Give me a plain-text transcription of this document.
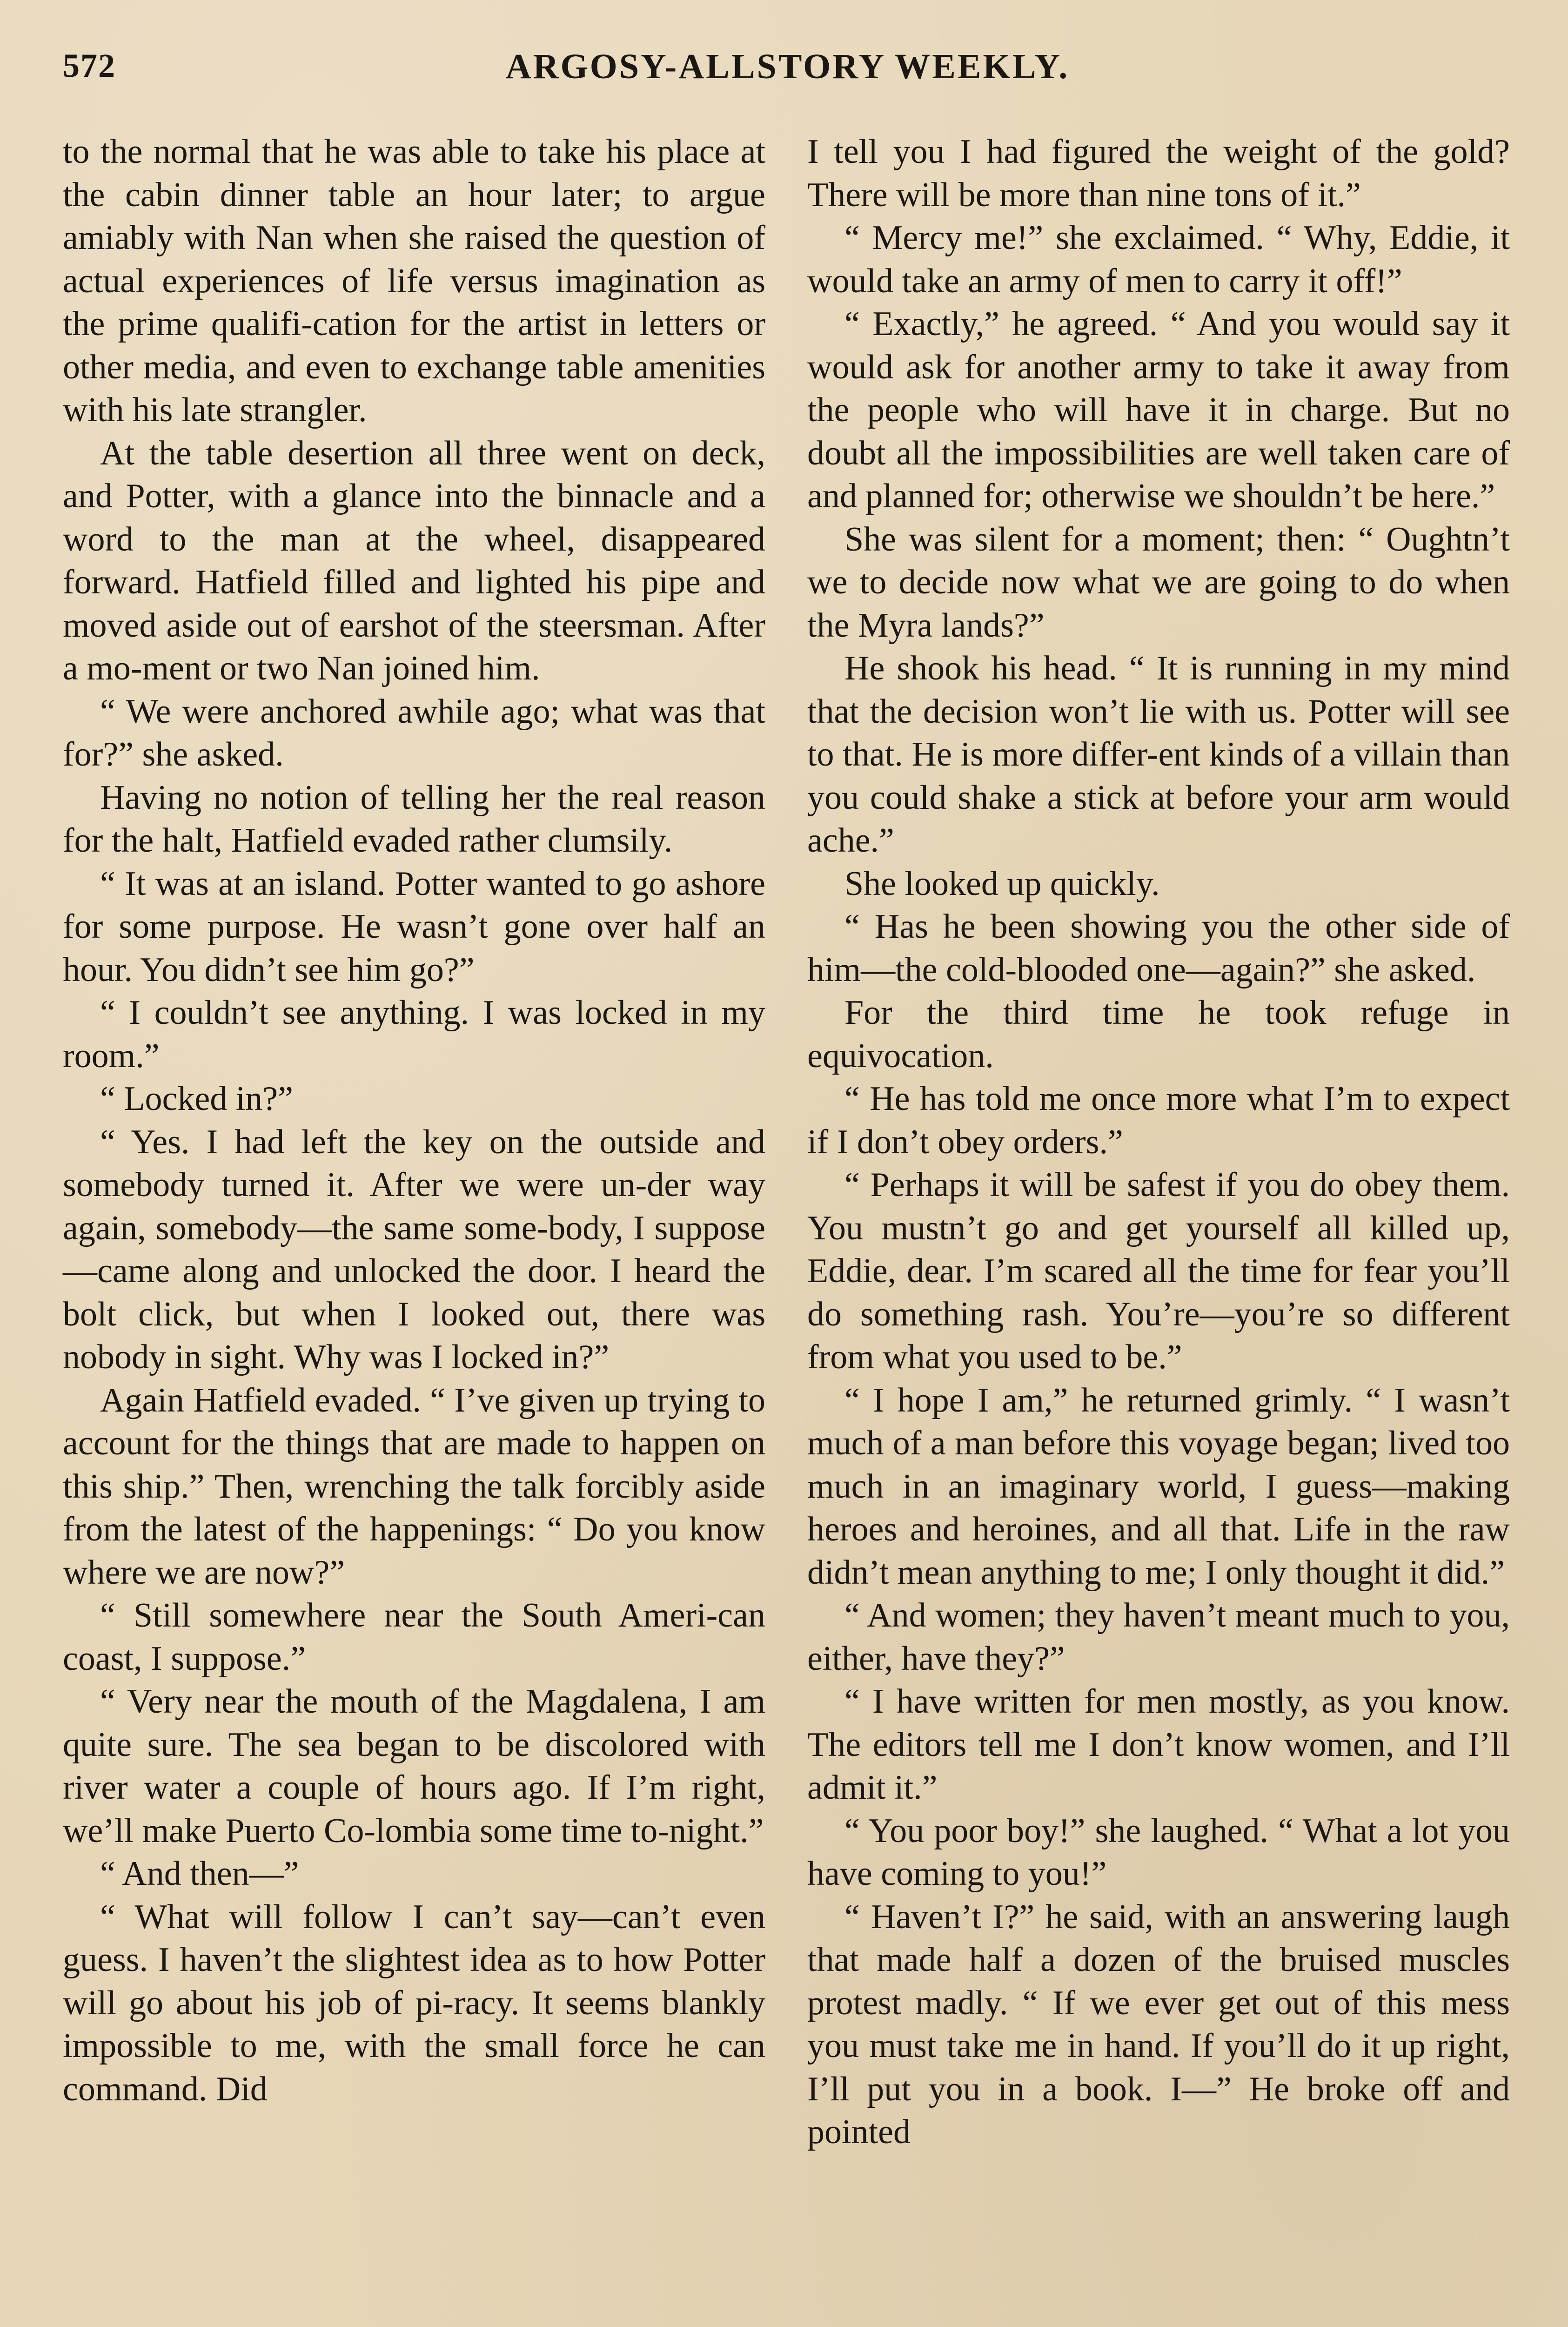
572	ARGOSY-ALLSTORY WEEKLY.

to the normal that he was able to take his place at the cabin dinner table an hour later; to argue amiably with Nan when she raised the question of actual experiences of life versus imagination as the prime qualifi-cation for the artist in letters or other media, and even to exchange table amenities with his late strangler.

At the table desertion all three went on deck, and Potter, with a glance into the binnacle and a word to the man at the wheel, disappeared forward. Hatfield filled and lighted his pipe and moved aside out of earshot of the steersman. After a mo-ment or two Nan joined him.

“ We were anchored awhile ago; what was that for?” she asked.

Having no notion of telling her the real reason for the halt, Hatfield evaded rather clumsily.

“ It was at an island. Potter wanted to go ashore for some purpose. He wasn’t gone over half an hour. You didn’t see him go?”

“ I couldn’t see anything. I was locked in my room.”

“ Locked in?”

“ Yes. I had left the key on the outside and somebody turned it. After we were un-der way again, somebody—the same some-body, I suppose—came along and unlocked the door. I heard the bolt click, but when I looked out, there was nobody in sight. Why was I locked in?”

Again Hatfield evaded. “ I’ve given up trying to account for the things that are made to happen on this ship.” Then, wrenching the talk forcibly aside from the latest of the happenings: “ Do you know where we are now?”

“ Still somewhere near the South Ameri-can coast, I suppose.”

“ Very near the mouth of the Magdalena, I am quite sure. The sea began to be discolored with river water a couple of hours ago. If I’m right, we’ll make Puerto Co-lombia some time to-night.”

“ And then—”

“ What will follow I can’t say—can’t even guess. I haven’t the slightest idea as to how Potter will go about his job of pi-racy. It seems blankly impossible to me, with the small force he can command. Did

I tell you I had figured the weight of the gold? There will be more than nine tons of it.”

“ Mercy me!” she exclaimed. “ Why, Eddie, it would take an army of men to carry it off!”

“ Exactly,” he agreed. “ And you would say it would ask for another army to take it away from the people who will have it in charge. But no doubt all the impossibilities are well taken care of and planned for; otherwise we shouldn’t be here.”

She was silent for a moment; then: “ Oughtn’t we to decide now what we are going to do when the Myra lands?”

He shook his head. “ It is running in my mind that the decision won’t lie with us. Potter will see to that. He is more differ-ent kinds of a villain than you could shake a stick at before your arm would ache.”

She looked up quickly.

“ Has he been showing you the other side of him—the cold-blooded one—again?” she asked.

For the third time he took refuge in equivocation.

“ He has told me once more what I’m to expect if I don’t obey orders.”

“ Perhaps it will be safest if you do obey them. You mustn’t go and get yourself all killed up, Eddie, dear. I’m scared all the time for fear you’ll do something rash. You’re—you’re so different from what you used to be.”

“ I hope I am,” he returned grimly. “ I wasn’t much of a man before this voyage began; lived too much in an imaginary world, I guess—making heroes and heroines, and all that. Life in the raw didn’t mean anything to me; I only thought it did.”

“ And women; they haven’t meant much to you, either, have they?”

“ I have written for men mostly, as you know. The editors tell me I don’t know women, and I’ll admit it.”

“ You poor boy!” she laughed. “ What a lot you have coming to you!”

“ Haven’t I?” he said, with an answering laugh that made half a dozen of the bruised muscles protest madly. “ If we ever get out of this mess you must take me in hand. If you’ll do it up right, I’ll put you in a book. I—” He broke off and pointed
